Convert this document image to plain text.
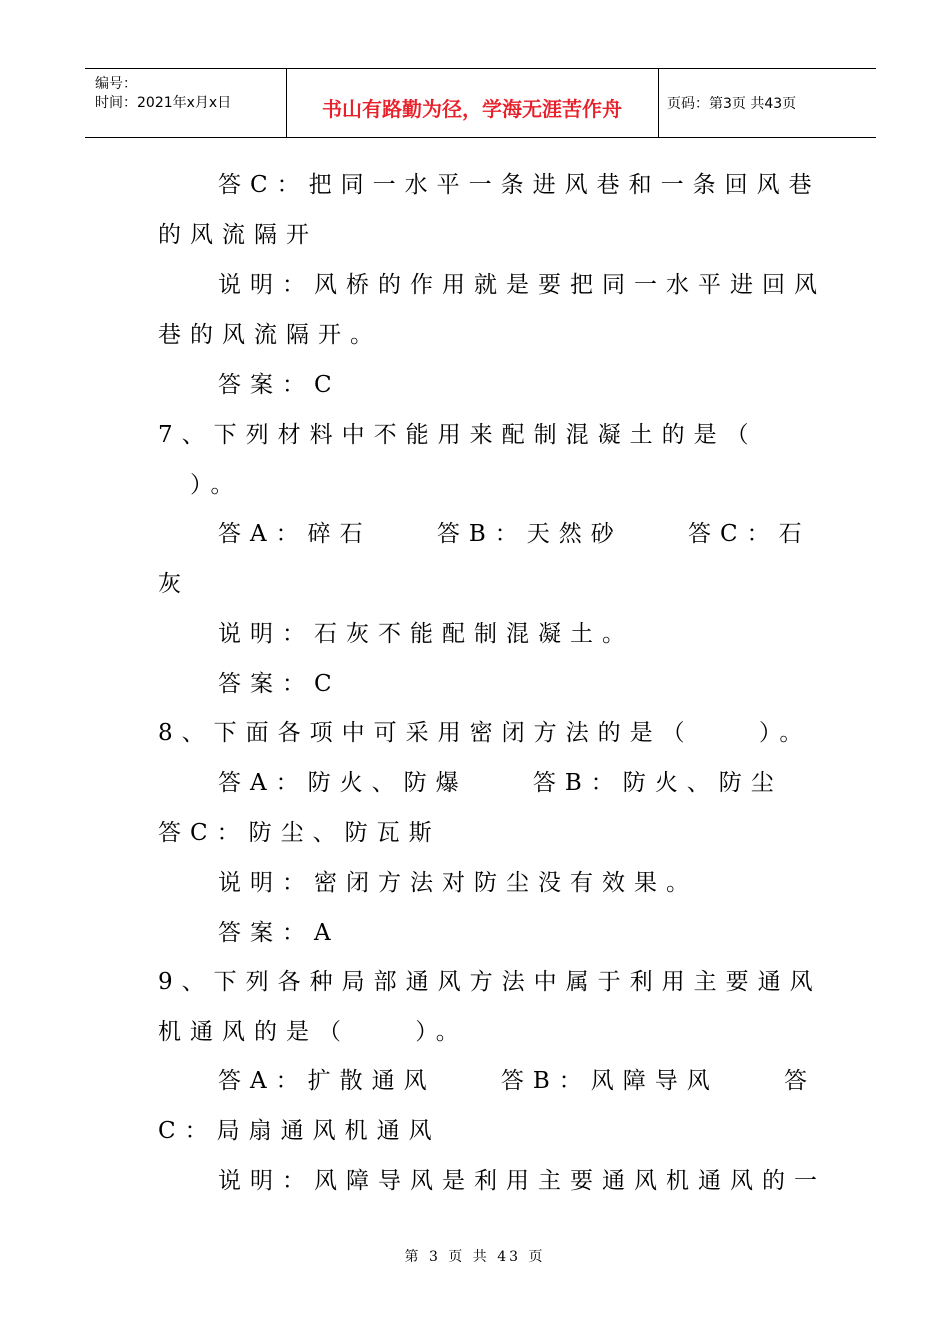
编号：
时间：2021年x月x日	书山有路勤为径，学海无涯苦作舟	页码：第3页 共43页
答C：把同一水平一条进风巷和一条回风巷
的风流隔开
说明：风桥的作用就是要把同一水平进回风
巷的风流隔开。
答案：C
7、下列材料中不能用来配制混凝土的是（
）。
答A：碎石    答B：天然砂    答C：石
灰
说明：石灰不能配制混凝土。
答案：C
8、下面各项中可采用密闭方法的是（    ）。
答A：防火、防爆    答B：防火、防尘
答C：防尘、防瓦斯
说明：密闭方法对防尘没有效果。
答案：A
9、下列各种局部通风方法中属于利用主要通风
机通风的是（    ）。
答A：扩散通风    答B：风障导风    答
C：局扇通风机通风
说明：风障导风是利用主要通风机通风的一
第 3 页 共 43 页
